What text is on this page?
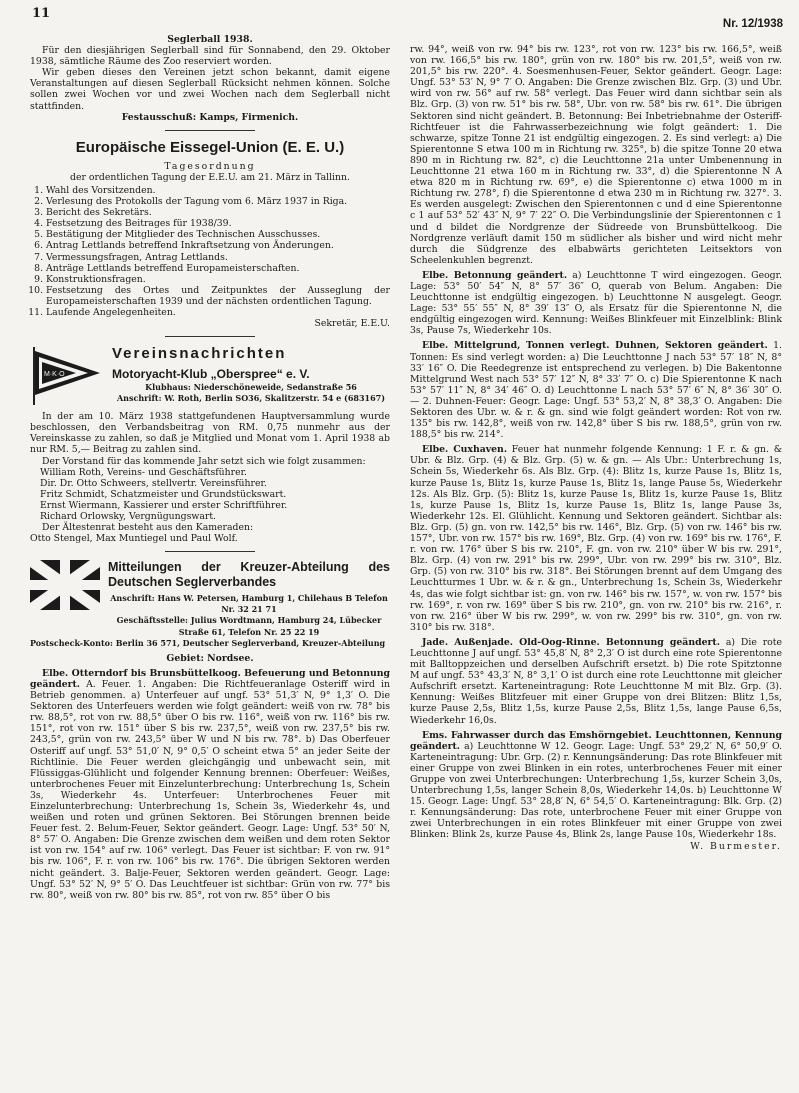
11
Nr. 12/1938

Seglerball 1938.

Für den diesjährigen Seglerball sind für Sonnabend, den 29. Oktober 1938, sämtliche Räume des Zoo reserviert worden.

Wir geben dieses den Vereinen jetzt schon bekannt, damit eigene Veranstaltungen auf diesen Seglerball Rücksicht nehmen können. Solche sollen zwei Wochen vor und zwei Wochen nach dem Seglerball nicht stattfinden.

Festausschuß: Kamps, Firmenich.

Europäische Eissegel-Union (E. E. U.)

Tagesordnung

der ordentlichen Tagung der E.E.U. am 21. März in Tallinn.

1. Wahl des Vorsitzenden.
2. Verlesung des Protokolls der Tagung vom 6. März 1937 in Riga.
3. Bericht des Sekretärs.
4. Festsetzung des Beitrages für 1938/39.
5. Bestätigung der Mitglieder des Technischen Ausschusses.
6. Antrag Lettlands betreffend Inkraftsetzung von Änderungen.
7. Vermessungsfragen, Antrag Lettlands.
8. Anträge Lettlands betreffend Europameisterschaften.
9. Konstruktionsfragen.
10. Festsetzung des Ortes und Zeitpunktes der Ausseglung der Europameisterschaften 1939 und der nächsten ordentlichen Tagung.
11. Laufende Angelegenheiten.

Sekretär, E.E.U.

M·K·O

Vereinsnachrichten

Motoryacht-Klub „Oberspree“ e. V.

Klubhaus: Niederschöneweide, Sedanstraße 56

Anschrift: W. Roth, Berlin SO36, Skalitzerstr. 54 e (683167)

In der am 10. März 1938 stattgefundenen Hauptversammlung wurde beschlossen, den Verbandsbeitrag von RM. 0,75 nunmehr aus der Vereinskasse zu zahlen, so daß je Mitglied und Monat vom 1. April 1938 ab nur RM. 5,— Beitrag zu zahlen sind.

Der Vorstand für das kommende Jahr setzt sich wie folgt zusammen:

William Roth, Vereins- und Geschäftsführer.

Dir. Dr. Otto Schweers, stellvertr. Vereinsführer.

Fritz Schmidt, Schatzmeister und Grundstückswart.

Ernst Wiermann, Kassierer und erster Schriftführer.

Richard Orlowsky, Vergnügungswart.

Der Ältestenrat besteht aus den Kameraden:

Otto Stengel, Max Muntiegel und Paul Wolf.

Mitteilungen der Kreuzer-Abteilung des Deutschen Seglerverbandes

Anschrift: Hans W. Petersen, Hamburg 1, Chilehaus B Telefon Nr. 32 21 71

Geschäftsstelle: Julius Wordtmann, Hamburg 24, Lübecker Straße 61, Telefon Nr. 25 22 19

Postscheck-Konto: Berlin 36 571, Deutscher Seglerverband, Kreuzer-Abteilung

Gebiet: Nordsee.

Elbe. Otterndorf bis Brunsbüttelkoog. Befeuerung und Betonnung geändert. A. Feuer. 1. Angaben: Die Richtfeueranlage Osteriff wird in Betrieb genommen. a) Unterfeuer auf ungf. 53° 51,3′ N, 9° 1,3′ O. Die Sektoren des Unterfeuers werden wie folgt geändert: weiß von rw. 78° bis rw. 88,5°, rot von rw. 88,5° über O bis rw. 116°, weiß von rw. 116° bis rw. 151°, rot von rw. 151° über S bis rw. 237,5°, weiß von rw. 237,5° bis rw. 243,5°, grün von rw. 243,5° über W und N bis rw. 78°. b) Das Oberfeuer Osteriff auf ungf. 53° 51,0′ N, 9° 0,5′ O scheint etwa 5° an jeder Seite der Richtlinie. Die Feuer werden gleichgängig und unbewacht sein, mit Flüssiggas-Glühlicht und folgender Kennung brennen: Oberfeuer: Weißes, unterbrochenes Feuer mit Einzelunterbrechung: Unterbrechung 1s, Schein 3s, Wiederkehr 4s. Unterfeuer: Unterbrochenes Feuer mit Einzelunterbrechung: Unterbrechung 1s, Schein 3s, Wiederkehr 4s, und weißen und roten und grünen Sektoren. Bei Störungen brennen beide Feuer fest. 2. Belum-Feuer, Sektor geändert. Geogr. Lage: Ungf. 53° 50′ N, 8° 57′ O. Angaben: Die Grenze zwischen dem weißen und dem roten Sektor ist von rw. 154° auf rw. 106° verlegt. Das Feuer ist sichtbar: F. von rw. 91° bis rw. 106°, F. r. von rw. 106° bis rw. 176°. Die übrigen Sektoren werden nicht geändert. 3. Balje-Feuer, Sektoren werden geändert. Geogr. Lage: Ungf. 53° 52′ N, 9° 5′ O. Das Leuchtfeuer ist sichtbar: Grün von rw. 77° bis rw. 80°, weiß von rw. 80° bis rw. 85°, rot von rw. 85° über O bis

rw. 94°, weiß von rw. 94° bis rw. 123°, rot von rw. 123° bis rw. 166,5°, weiß von rw. 166,5° bis rw. 180°, grün von rw. 180° bis rw. 201,5°, weiß von rw. 201,5° bis rw. 220°. 4. Soesmenhusen-Feuer, Sektor geändert. Geogr. Lage: Ungf. 53° 53′ N, 9° 7′ O. Angaben: Die Grenze zwischen Blz. Grp. (3) und Ubr. wird von rw. 56° auf rw. 58° verlegt. Das Feuer wird dann sichtbar sein als Blz. Grp. (3) von rw. 51° bis rw. 58°, Ubr. von rw. 58° bis rw. 61°. Die übrigen Sektoren sind nicht geändert. B. Betonnung: Bei Inbetriebnahme der Osteriff-Richtfeuer ist die Fahrwasserbezeichnung wie folgt geändert: 1. Die schwarze, spitze Tonne 21 ist endgültig eingezogen. 2. Es sind verlegt: a) Die Spierentonne S etwa 100 m in Richtung rw. 325°, b) die spitze Tonne 20 etwa 890 m in Richtung rw. 82°, c) die Leuchttonne 21a unter Umbenennung in Leuchttonne 21 etwa 160 m in Richtung rw. 33°, d) die Spierentonne N A etwa 820 m in Richtung rw. 69°, e) die Spierentonne c) etwa 1000 m in Richtung rw. 278°, f) die Spierentonne d etwa 230 m in Richtung rw. 327°. 3. Es werden ausgelegt: Zwischen den Spierentonnen c und d eine Spierentonne c 1 auf 53° 52′ 43″ N, 9° 7′ 22″ O. Die Verbindungslinie der Spierentonnen c 1 und d bildet die Nordgrenze der Südreede von Brunsbüttelkoog. Die Nordgrenze verläuft damit 150 m südlicher als bisher und wird nicht mehr durch die Südgrenze des elbabwärts gerichteten Leitsektors von Scheelenkuhlen begrenzt.

Elbe. Betonnung geändert. a) Leuchttonne T wird eingezogen. Geogr. Lage: 53° 50′ 54″ N, 8° 57′ 36″ O, querab von Belum. Angaben: Die Leuchttonne ist endgültig eingezogen. b) Leuchttonne N ausgelegt. Geogr. Lage: 53° 55′ 55″ N, 8° 39′ 13″ O, als Ersatz für die Spierentonne N, die endgültig eingezogen wird. Kennung: Weißes Blinkfeuer mit Einzelblink: Blink 3s, Pause 7s, Wiederkehr 10s.

Elbe. Mittelgrund, Tonnen verlegt. Duhnen, Sektoren geändert. 1. Tonnen: Es sind verlegt worden: a) Die Leuchttonne J nach 53° 57′ 18″ N, 8° 33′ 16″ O. Die Reedegrenze ist entsprechend zu verlegen. b) Die Bakentonne Mittelgrund West nach 53° 57′ 12″ N, 8° 33′ 7″ O. c) Die Spierentonne K nach 53° 57′ 11″ N, 8° 34′ 46″ O. d) Leuchttonne L nach 53° 57′ 6″ N, 8° 36′ 30″ O. — 2. Duhnen-Feuer: Geogr. Lage: Ungf. 53° 53,2′ N, 8° 38,3′ O. Angaben: Die Sektoren des Ubr. w. & r. & gn. sind wie folgt geändert worden: Rot von rw. 135° bis rw. 142,8°, weiß von rw. 142,8° über S bis rw. 188,5°, grün von rw. 188,5° bis rw. 214°.

Elbe. Cuxhaven. Feuer hat nunmehr folgende Kennung: 1 F. r. & gn. & Ubr. & Blz. Grp. (4) & Blz. Grp. (5) w. & gn. — Als Ubr.: Unterbrechung 1s, Schein 5s, Wiederkehr 6s. Als Blz. Grp. (4): Blitz 1s, kurze Pause 1s, Blitz 1s, kurze Pause 1s, Blitz 1s, kurze Pause 1s, Blitz 1s, lange Pause 5s, Wiederkehr 12s. Als Blz. Grp. (5): Blitz 1s, kurze Pause 1s, Blitz 1s, kurze Pause 1s, Blitz 1s, kurze Pause 1s, Blitz 1s, kurze Pause 1s, Blitz 1s, lange Pause 3s, Wiederkehr 12s. El. Glühlicht. Kennung und Sektoren geändert. Sichtbar als: Blz. Grp. (5) gn. von rw. 142,5° bis rw. 146°, Blz. Grp. (5) von rw. 146° bis rw. 157°, Ubr. von rw. 157° bis rw. 169°, Blz. Grp. (4) von rw. 169° bis rw. 176°, F. r. von rw. 176° über S bis rw. 210°, F. gn. von rw. 210° über W bis rw. 291°, Blz. Grp. (4) von rw. 291° bis rw. 299°, Ubr. von rw. 299° bis rw. 310°, Blz. Grp. (5) von rw. 310° bis rw. 318°. Bei Störungen brennt auf dem Umgang des Leuchtturmes 1 Ubr. w. & r. & gn., Unterbrechung 1s, Schein 3s, Wiederkehr 4s, das wie folgt sichtbar ist: gn. von rw. 146° bis rw. 157°, w. von rw. 157° bis rw. 169°, r. von rw. 169° über S bis rw. 210°, gn. von rw. 210° bis rw. 216°, r. von rw. 216° über W bis rw. 299°, w. von rw. 299° bis rw. 310°, gn. von rw. 310° bis rw. 318°.

Jade. Außenjade. Old-Oog-Rinne. Betonnung geändert. a) Die rote Leuchttonne J auf ungf. 53° 45,8′ N, 8° 2,3′ O ist durch eine rote Spierentonne mit Balltoppzeichen und derselben Aufschrift ersetzt. b) Die rote Spitztonne M auf ungf. 53° 43,3′ N, 8° 3,1′ O ist durch eine rote Leuchttonne mit gleicher Aufschrift ersetzt. Karteneintragung: Rote Leuchttonne M mit Blz. Grp. (3). Kennung: Weißes Blitzfeuer mit einer Gruppe von drei Blitzen: Blitz 1,5s, kurze Pause 2,5s, Blitz 1,5s, kurze Pause 2,5s, Blitz 1,5s, lange Pause 6,5s, Wiederkehr 16,0s.

Ems. Fahrwasser durch das Emshörngebiet. Leuchttonnen, Kennung geändert. a) Leuchttonne W 12. Geogr. Lage: Ungf. 53° 29,2′ N, 6° 50,9′ O. Karteneintragung: Ubr. Grp. (2) r. Kennungsänderung: Das rote Blinkfeuer mit einer Gruppe von zwei Blinken in ein rotes, unterbrochenes Feuer mit einer Gruppe von zwei Unterbrechungen: Unterbrechung 1,5s, kurzer Schein 3,0s, Unterbrechung 1,5s, langer Schein 8,0s, Wiederkehr 14,0s. b) Leuchttonne W 15. Geogr. Lage: Ungf. 53° 28,8′ N, 6° 54,5′ O. Karteneintragung: Blk. Grp. (2) r. Kennungsänderung: Das rote, unterbrochene Feuer mit einer Gruppe von zwei Unterbrechungen in ein rotes Blinkfeuer mit einer Gruppe von zwei Blinken: Blink 2s, kurze Pause 4s, Blink 2s, lange Pause 10s, Wiederkehr 18s.

W. Burmester.
